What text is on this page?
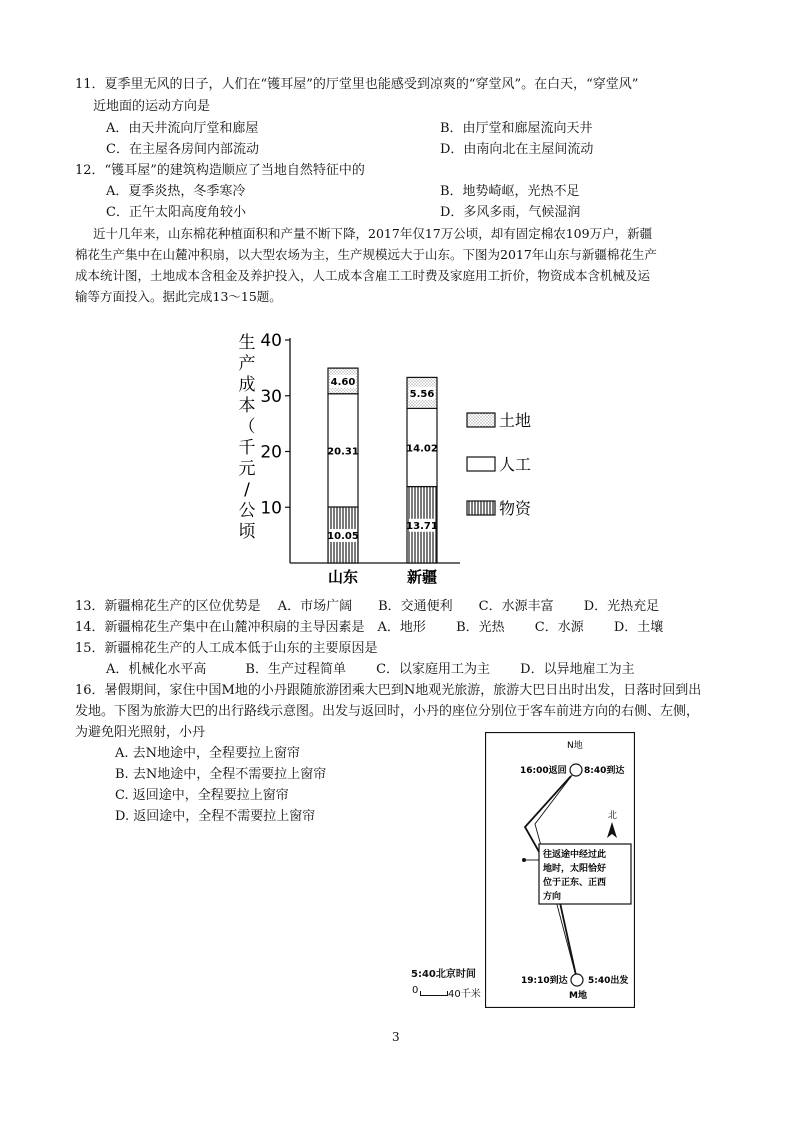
11．夏季里无风的日子，人们在“镬耳屋”的厅堂里也能感受到凉爽的“穿堂风”。在白天，“穿堂风”
近地面的运动方向是
A．由天井流向厅堂和廊屋	B．由厅堂和廊屋流向天井
C．在主屋各房间内部流动	D．由南向北在主屋间流动
12．“镬耳屋”的建筑构造顺应了当地自然特征中的
A．夏季炎热，冬季寒冷	B．地势崎岖，光热不足
C．正午太阳高度角较小	D．多风多雨，气候湿润
近十几年来，山东棉花种植面积和产量不断下降，2017年仅17万公顷，却有固定棉农109万户，新疆
棉花生产集中在山麓冲积扇，以大型农场为主，生产规模远大于山东。下图为2017年山东与新疆棉花生产
成本统计图，土地成本含租金及养护投入，人工成本含雇工工时费及家庭用工折价，物资成本含机械及运
输等方面投入。据此完成13～15题。
生
产
成
本
（
千
元
/
公
顷
10
20
30
40
10.05
20.31
4.60
山东
13.71
14.02
5.56
新疆
土地
人工
物资
13．新疆棉花生产的区位优势是　 A．市场广阔　　B．交通便利　　C．水源丰富　　 D．光热充足
14．新疆棉花生产集中在山麓冲积扇的主导因素是　A．地形　　 B．光热　　 C．水源　　 D．土壤
15．新疆棉花生产的人工成本低于山东的主要原因是
A．机械化水平高　　　B．生产过程简单　　 C．以家庭用工为主　　 D．以异地雇工为主
16．暑假期间，家住中国M地的小丹跟随旅游团乘大巴到N地观光旅游，旅游大巴日出时出发，日落时回到出
发地。下图为旅游大巴的出行路线示意图。出发与返回时，小丹的座位分别位于客车前进方向的右侧、左侧，
为避免阳光照射，小丹
A. 去N地途中，全程要拉上窗帘
B. 去N地途中，全程不需要拉上窗帘
C. 返回途中，全程要拉上窗帘
D. 返回途中，全程不需要拉上窗帘
N地
16:00返回 8:40到达
北
往返途中经过此
地时，太阳恰好
位于正东、正西
方向
19:10到达 5:40出发
M地
5:40北京时间
0	40千米
3
